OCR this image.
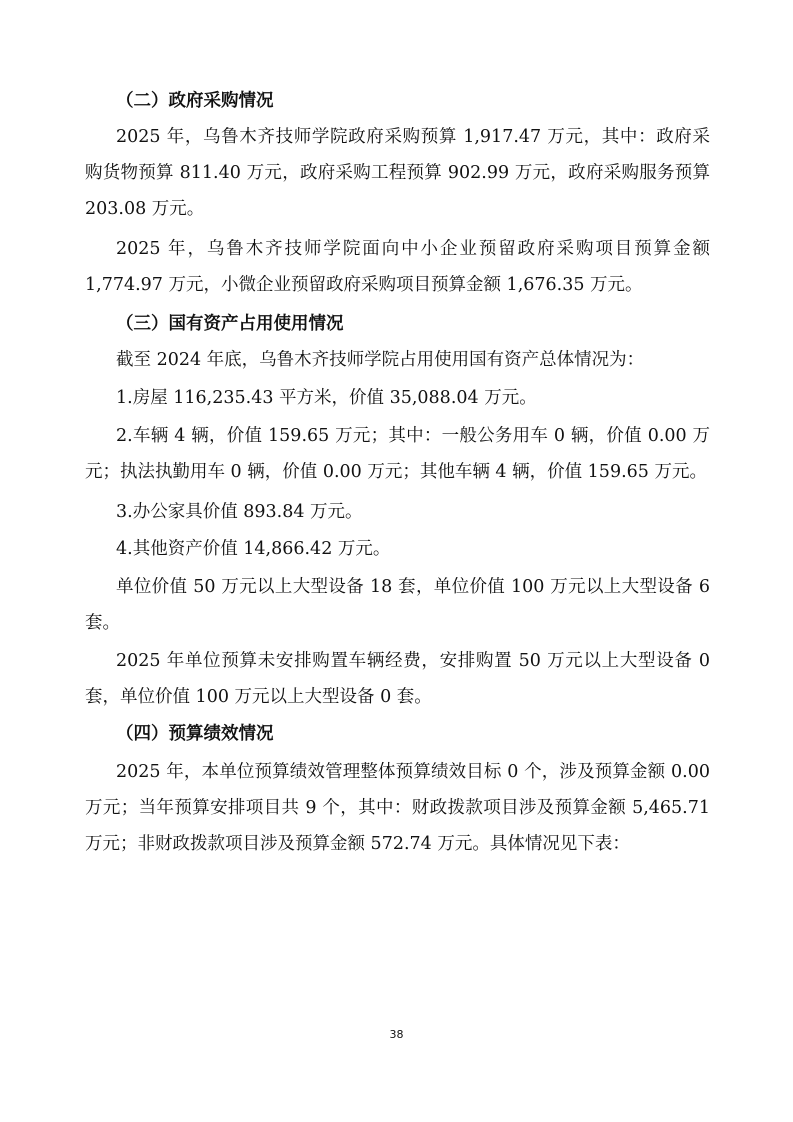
（二）政府采购情况

2025 年，乌鲁木齐技师学院政府采购预算 1,917.47 万元，其中：政府采
购货物预算 811.40 万元，政府采购工程预算 902.99 万元，政府采购服务预算
203.08 万元。

2025 年，乌鲁木齐技师学院面向中小企业预留政府采购项目预算金额
1,774.97 万元，小微企业预留政府采购项目预算金额 1,676.35 万元。

（三）国有资产占用使用情况

截至 2024 年底，乌鲁木齐技师学院占用使用国有资产总体情况为：

1.房屋 116,235.43 平方米，价值 35,088.04 万元。

2.车辆 4 辆，价值 159.65 万元；其中：一般公务用车 0 辆，价值 0.00 万
元；执法执勤用车 0 辆，价值 0.00 万元；其他车辆 4 辆，价值 159.65 万元。

3.办公家具价值 893.84 万元。

4.其他资产价值 14,866.42 万元。

单位价值 50 万元以上大型设备 18 套，单位价值 100 万元以上大型设备 6
套。

2025 年单位预算未安排购置车辆经费，安排购置 50 万元以上大型设备 0
套，单位价值 100 万元以上大型设备 0 套。

（四）预算绩效情况

2025 年，本单位预算绩效管理整体预算绩效目标 0 个，涉及预算金额 0.00
万元；当年预算安排项目共 9 个，其中：财政拨款项目涉及预算金额 5,465.71
万元；非财政拨款项目涉及预算金额 572.74 万元。具体情况见下表：

38
